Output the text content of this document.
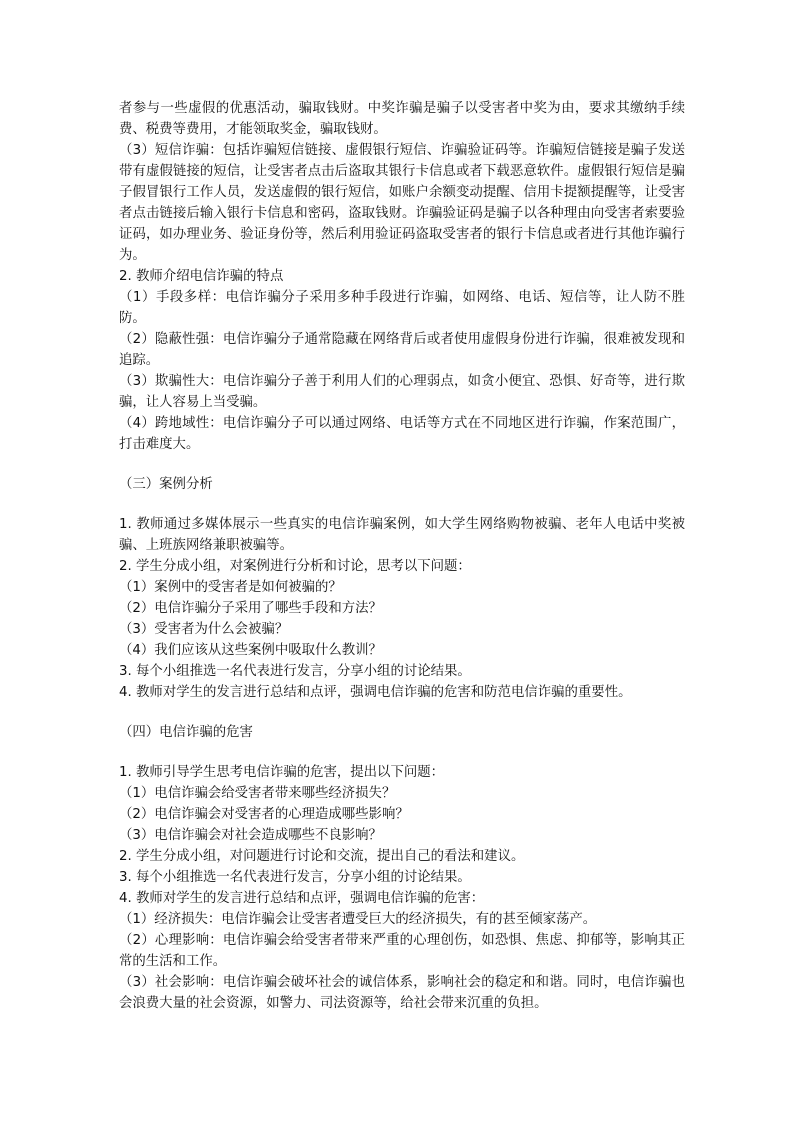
者参与一些虚假的优惠活动，骗取钱财。中奖诈骗是骗子以受害者中奖为由，要求其缴纳手续费、税费等费用，才能领取奖金，骗取钱财。

（3）短信诈骗：包括诈骗短信链接、虚假银行短信、诈骗验证码等。诈骗短信链接是骗子发送带有虚假链接的短信，让受害者点击后盗取其银行卡信息或者下载恶意软件。虚假银行短信是骗子假冒银行工作人员，发送虚假的银行短信，如账户余额变动提醒、信用卡提额提醒等，让受害者点击链接后输入银行卡信息和密码，盗取钱财。诈骗验证码是骗子以各种理由向受害者索要验证码，如办理业务、验证身份等，然后利用验证码盗取受害者的银行卡信息或者进行其他诈骗行为。

2. 教师介绍电信诈骗的特点

（1）手段多样：电信诈骗分子采用多种手段进行诈骗，如网络、电话、短信等，让人防不胜防。

（2）隐蔽性强：电信诈骗分子通常隐藏在网络背后或者使用虚假身份进行诈骗，很难被发现和追踪。

（3）欺骗性大：电信诈骗分子善于利用人们的心理弱点，如贪小便宜、恐惧、好奇等，进行欺骗，让人容易上当受骗。

（4）跨地域性：电信诈骗分子可以通过网络、电话等方式在不同地区进行诈骗，作案范围广，打击难度大。

（三）案例分析

1. 教师通过多媒体展示一些真实的电信诈骗案例，如大学生网络购物被骗、老年人电话中奖被骗、上班族网络兼职被骗等。

2. 学生分成小组，对案例进行分析和讨论，思考以下问题：

（1）案例中的受害者是如何被骗的？

（2）电信诈骗分子采用了哪些手段和方法？

（3）受害者为什么会被骗？

（4）我们应该从这些案例中吸取什么教训？

3. 每个小组推选一名代表进行发言，分享小组的讨论结果。

4. 教师对学生的发言进行总结和点评，强调电信诈骗的危害和防范电信诈骗的重要性。

（四）电信诈骗的危害

1. 教师引导学生思考电信诈骗的危害，提出以下问题：

（1）电信诈骗会给受害者带来哪些经济损失？

（2）电信诈骗会对受害者的心理造成哪些影响？

（3）电信诈骗会对社会造成哪些不良影响？

2. 学生分成小组，对问题进行讨论和交流，提出自己的看法和建议。

3. 每个小组推选一名代表进行发言，分享小组的讨论结果。

4. 教师对学生的发言进行总结和点评，强调电信诈骗的危害：

（1）经济损失：电信诈骗会让受害者遭受巨大的经济损失，有的甚至倾家荡产。

（2）心理影响：电信诈骗会给受害者带来严重的心理创伤，如恐惧、焦虑、抑郁等，影响其正常的生活和工作。

（3）社会影响：电信诈骗会破坏社会的诚信体系，影响社会的稳定和和谐。同时，电信诈骗也会浪费大量的社会资源，如警力、司法资源等，给社会带来沉重的负担。
